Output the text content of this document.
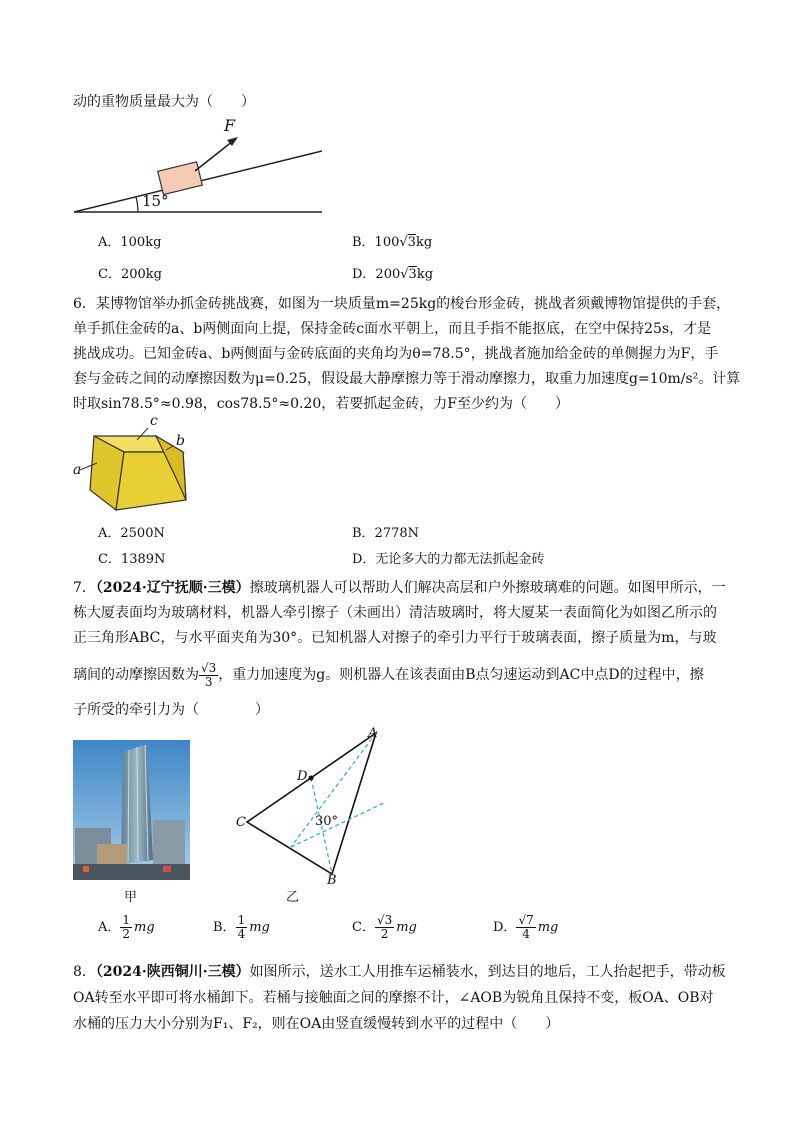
动的重物质量最大为（　　）
F
15°
A．100kg	B．100√3kg
C．200kg	D．200√3kg
6．某博物馆举办抓金砖挑战赛，如图为一块质量m=25kg的梭台形金砖，挑战者须戴博物馆提供的手套，
单手抓住金砖的a、b两侧面向上提，保持金砖c面水平朝上，而且手指不能抠底，在空中保持25s，才是
挑战成功。已知金砖a、b两侧面与金砖底面的夹角均为θ=78.5°，挑战者施加给金砖的单侧握力为F，手
套与金砖之间的动摩擦因数为μ=0.25，假设最大静摩擦力等于滑动摩擦力，取重力加速度g=10m/s²。计算
时取sin78.5°≈0.98，cos78.5°≈0.20，若要抓起金砖，力F至少约为（　　）
c
b
a
A．2500N	B．2778N
C．1389N	D．无论多大的力都无法抓起金砖
7．（2024·辽宁抚顺·三模）擦玻璃机器人可以帮助人们解决高层和户外擦玻璃难的问题。如图甲所示，一
栋大厦表面均为玻璃材料，机器人牵引擦子（未画出）清洁玻璃时，将大厦某一表面简化为如图乙所示的
正三角形ABC，与水平面夹角为30°。已知机器人对擦子的牵引力平行于玻璃表面，擦子质量为m，与玻
璃间的动摩擦因数为 $\frac{√3}{3}$ ，重力加速度为g。则机器人在该表面由B点匀速运动到AC中点D的过程中，擦
子所受的牵引力为（　　　　）
甲
A
B
C
D
30°
乙
A． $\frac{1}{2}$ mg	B． $\frac{1}{4}$ mg	C． $\frac{√3}{2}$ mg	D． $\frac{√7}{4}$ mg
8．（2024·陕西铜川·三模）如图所示，送水工人用推车运桶装水，到达目的地后，工人抬起把手，带动板
OA转至水平即可将水桶卸下。若桶与接触面之间的摩擦不计，∠AOB为锐角且保持不变，板OA、OB对
水桶的压力大小分别为F₁、F₂，则在OA由竖直缓慢转到水平的过程中（　　）
